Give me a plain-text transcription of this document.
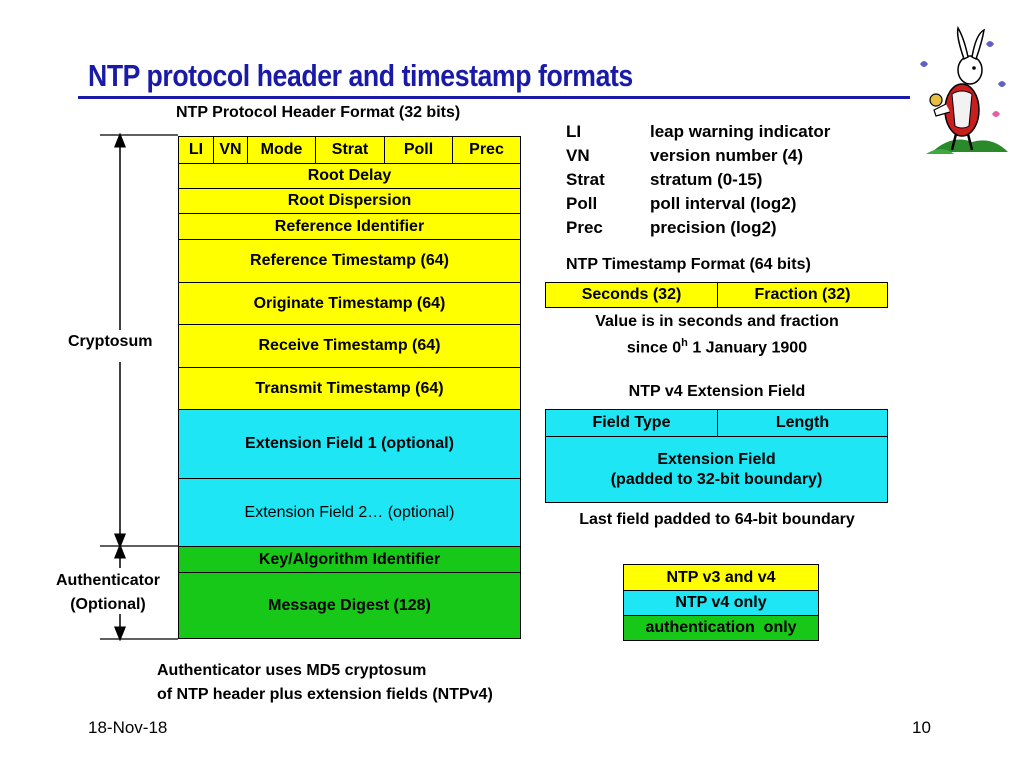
NTP protocol header and timestamp formats
NTP Protocol Header Format (32 bits)
LI	VN	Mode	Strat	Poll	Prec
Root Delay
Root Dispersion
Reference Identifier
Reference Timestamp (64)
Originate Timestamp (64)
Receive Timestamp (64)
Transmit Timestamp (64)
Extension Field 1 (optional)
Extension Field 2… (optional)
Key/Algorithm Identifier
Message Digest (128)
Cryptosum
Authenticator
(Optional)
Authenticator uses MD5 cryptosum
of NTP header plus extension fields (NTPv4)
LI	leap warning indicator
VN	version number (4)
Strat	stratum (0-15)
Poll	poll interval (log2)
Prec	precision (log2)
NTP Timestamp Format (64 bits)
Seconds (32)	Fraction (32)
Value is in seconds and fraction
since 0$^h$ 1 January 1900
NTP v4 Extension Field
Field Type	Length
Extension Field
(padded to 32-bit boundary)
Last field padded to 64-bit boundary
NTP v3 and v4
NTP v4 only
authentication  only
18-Nov-18	10
